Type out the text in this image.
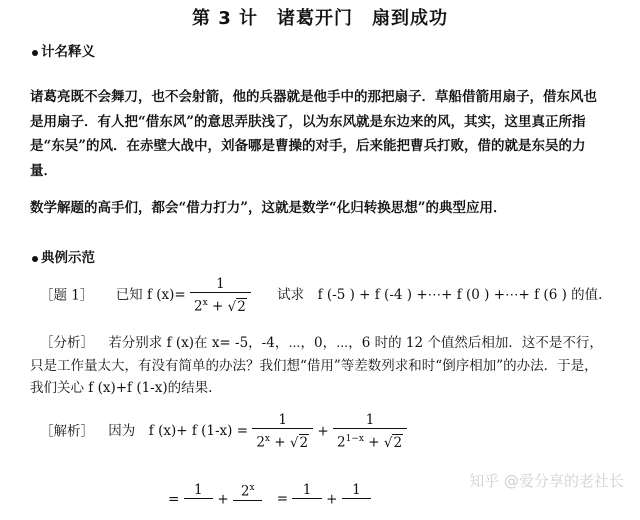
第 3 计　诸葛开门　扇到成功
计名释义
诸葛亮既不会舞刀，也不会射箭，他的兵器就是他手中的那把扇子．草船借箭用扇子，借东风也是用扇子．有人把“借东风”的意思弄肤浅了，以为东风就是东边来的风，其实，这里真正所指是“东吴”的风．在赤壁大战中，刘备哪是曹操的对手，后来能把曹兵打败，借的就是东吴的力量．
数学解题的高手们，都会“借力打力”，这就是数学“化归转换思想”的典型应用．
典例示范
［题 1］ 已知 f $(x)= \frac{1}{2^x + √2}$ 试求　f (-5 ) + f (-4 ) +⋯+ f (0 ) +⋯+ f (6 ) 的值.
［分析］ 若分别求 f (x)在 x= -5，-4，⋯，0，⋯，6 时的 12 个值然后相加．这不是不行，只是工作量太大，有没有简单的办法？我们想“借用”等差数列求和时“倒序相加”的办法．于是，我们关心 f (x)+f (1-x)的结果.
［解析］ 因为　f (x)+ f $(1-x) = \frac{1}{2^x + √2} + \frac{1}{2^{1-x} + √2}$
=
1

+ $2^x$

=
1

+
1
	知乎 @爱分享的老社长
